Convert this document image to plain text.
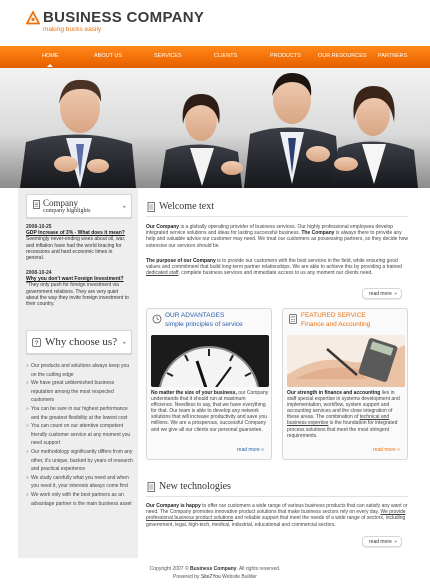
BUSINESS COMPANY
making bucks easily
HOME	ABOUT US	SERVICES	CLIENTS	PRODUCTS	OUR RESOURCES PARTNERS
Company
company highlights
▸
2008-10-25
GDP Increase of 3% - What does it mean?
Seemingly never-ending woes about oil, war, and inflation have had the world bracing for recessions and hard economic times in general.
2008-10-24
Why you don't want Foreign Investment?
"They only push for foreign investment via government relations. They are very quiet about the way they invite foreign investment to their country.
? Why choose us? ▸
» Our products and solutions always keep you on the cutting edge
» We have great unblemished business reputation among the most respected customers
» You can be sure in our highest performance and the greatest flexibility at the lowest cost
» You can count on our attentive competent friendly customer service at any moment you need support
» Our methodology significantly differs from any other, it's unique, backed by years of research and practical experience
» We study carefully what you need and when you need it, your interests always come first
» We work only with the best partners as an advantage partner is the main business asset
Welcome text
Our Company is a globally operating provider of business services. Our highly professional employees develop integrated service solutions and ideas for lasting successful business. The Company is always there to provide any help and valuable advice our customer may need. We treat our customers as possessing partners, so they decide how extensive our services should be.
The purpose of our Company is to provide our customers with the best services in the field, while ensuring good values and commitment that build long-term partner relationships. We are able to achieve this by providing a trained dedicated staff, complete business services and immediate access to us any moment our clients need.
read more »
OUR ADVANTAGES
simple principles of service
No matter the size of your business, our Company understands that it should run at maximum efficience. Needless to say, that we have everything for that. Our team is able to develop any network solutions that will increase productivity and save you millions. We are a prosperous, successful Company and we give all our clients our personal guarantee.
read more »
FEATURED SERVICE
Finance and Accounting
Our strength in finance and accounting lies in staff special expertise in systems development and implementation, workflow, system support and accounting services and the close integration of these areas. The combination of technical and business expertise is the foundation for integrated process solutions that meet the most stringent requirements.
read more »
New technologies
Our Company is happy to offer our customers a wide range of various business products that can satisfy any want or need. The Company promotes innovative product solutions that make business sectors rely on every day. We provide professional business product solutions and reliable support that meet the needs of a wide range of sectors, including government, legal, high-tech, medical, industrial, educational and commercial sectors.
read more »
Copyright 2007 © Business Company. All rights reserved.
Powered by Site2You Website Builder
